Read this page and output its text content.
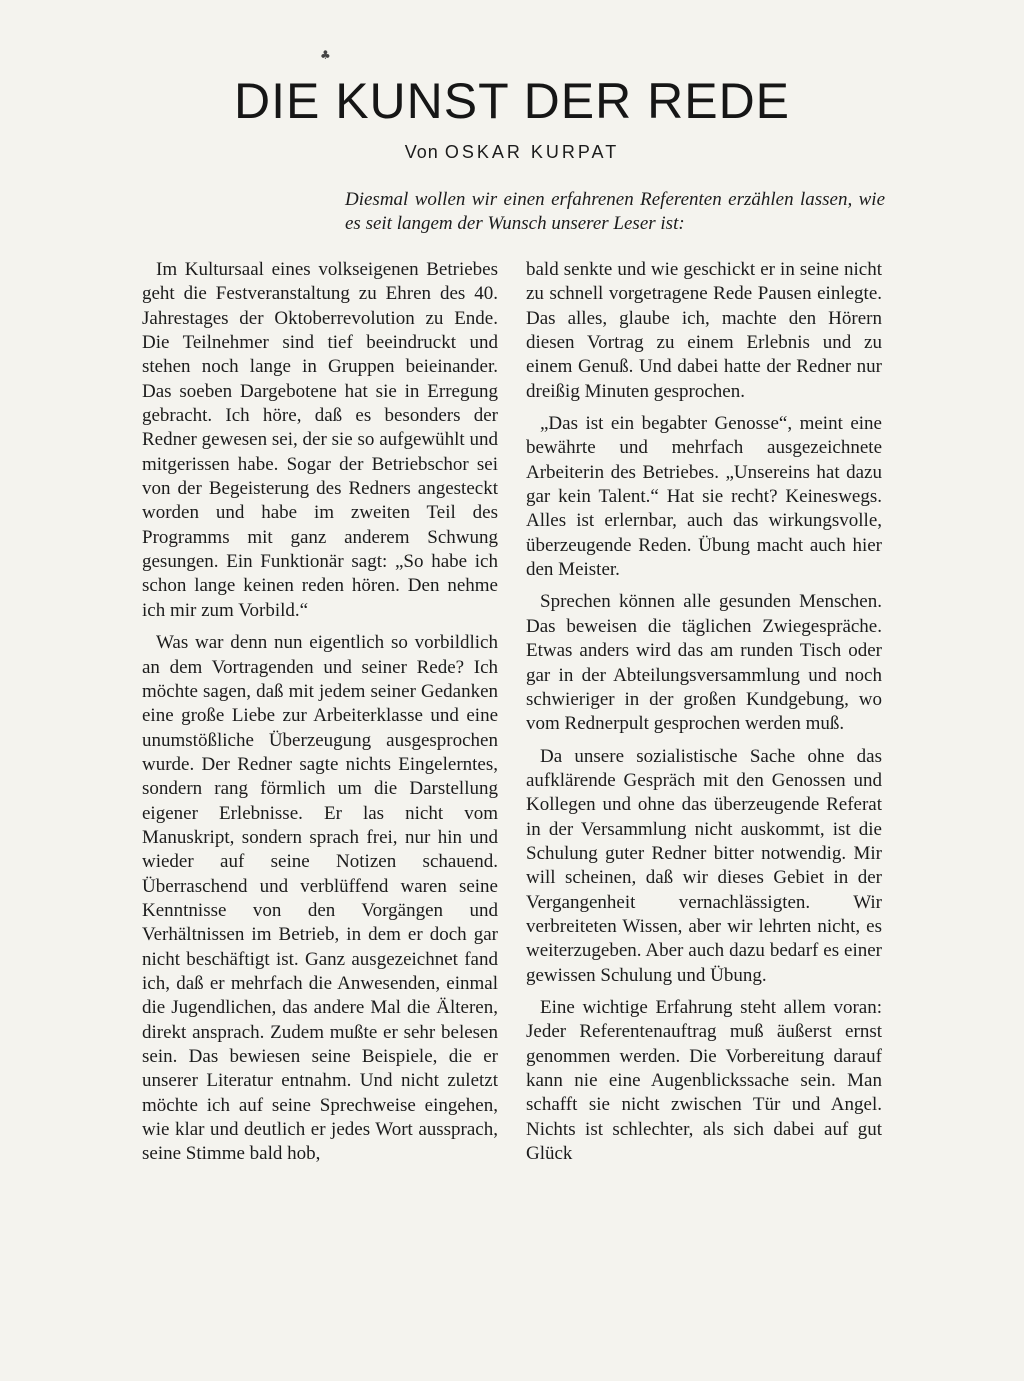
♣
DIE KUNST DER REDE
Von OSKAR KURPAT

Diesmal wollen wir einen erfahrenen Referenten erzählen lassen, wie es seit langem der Wunsch unserer Leser ist:

Im Kultursaal eines volkseigenen Betriebes geht die Festveranstaltung zu Ehren des 40. Jahrestages der Oktoberrevolution zu Ende. Die Teilnehmer sind tief beeindruckt und stehen noch lange in Gruppen beieinander. Das soeben Dargebotene hat sie in Erregung gebracht. Ich höre, daß es besonders der Redner gewesen sei, der sie so aufgewühlt und mitgerissen habe. Sogar der Betriebschor sei von der Begeisterung des Redners angesteckt worden und habe im zweiten Teil des Programms mit ganz anderem Schwung gesungen. Ein Funktionär sagt: „So habe ich schon lange keinen reden hören. Den nehme ich mir zum Vorbild.“

Was war denn nun eigentlich so vorbildlich an dem Vortragenden und seiner Rede? Ich möchte sagen, daß mit jedem seiner Gedanken eine große Liebe zur Arbeiterklasse und eine unumstößliche Überzeugung ausgesprochen wurde. Der Redner sagte nichts Eingelerntes, sondern rang förmlich um die Darstellung eigener Erlebnisse. Er las nicht vom Manuskript, sondern sprach frei, nur hin und wieder auf seine Notizen schauend. Überraschend und verblüffend waren seine Kenntnisse von den Vorgängen und Verhältnissen im Betrieb, in dem er doch gar nicht beschäftigt ist. Ganz ausgezeichnet fand ich, daß er mehrfach die Anwesenden, einmal die Jugendlichen, das andere Mal die Älteren, direkt ansprach. Zudem mußte er sehr belesen sein. Das bewiesen seine Beispiele, die er unserer Literatur entnahm. Und nicht zuletzt möchte ich auf seine Sprechweise eingehen, wie klar und deutlich er jedes Wort aussprach, seine Stimme bald hob,

bald senkte und wie geschickt er in seine nicht zu schnell vorgetragene Rede Pausen einlegte. Das alles, glaube ich, machte den Hörern diesen Vortrag zu einem Erlebnis und zu einem Genuß. Und dabei hatte der Redner nur dreißig Minuten gesprochen.

„Das ist ein begabter Genosse“, meint eine bewährte und mehrfach ausgezeichnete Arbeiterin des Betriebes. „Unsereins hat dazu gar kein Talent.“ Hat sie recht? Keineswegs. Alles ist erlernbar, auch das wirkungsvolle, überzeugende Reden. Übung macht auch hier den Meister.

Sprechen können alle gesunden Menschen. Das beweisen die täglichen Zwiegespräche. Etwas anders wird das am runden Tisch oder gar in der Abteilungsversammlung und noch schwieriger in der großen Kundgebung, wo vom Rednerpult gesprochen werden muß.

Da unsere sozialistische Sache ohne das aufklärende Gespräch mit den Genossen und Kollegen und ohne das überzeugende Referat in der Versammlung nicht auskommt, ist die Schulung guter Redner bitter notwendig. Mir will scheinen, daß wir dieses Gebiet in der Vergangenheit vernachlässigten. Wir verbreiteten Wissen, aber wir lehrten nicht, es weiterzugeben. Aber auch dazu bedarf es einer gewissen Schulung und Übung.

Eine wichtige Erfahrung steht allem voran: Jeder Referentenauftrag muß äußerst ernst genommen werden. Die Vorbereitung darauf kann nie eine Augenblickssache sein. Man schafft sie nicht zwischen Tür und Angel. Nichts ist schlechter, als sich dabei auf gut Glück
